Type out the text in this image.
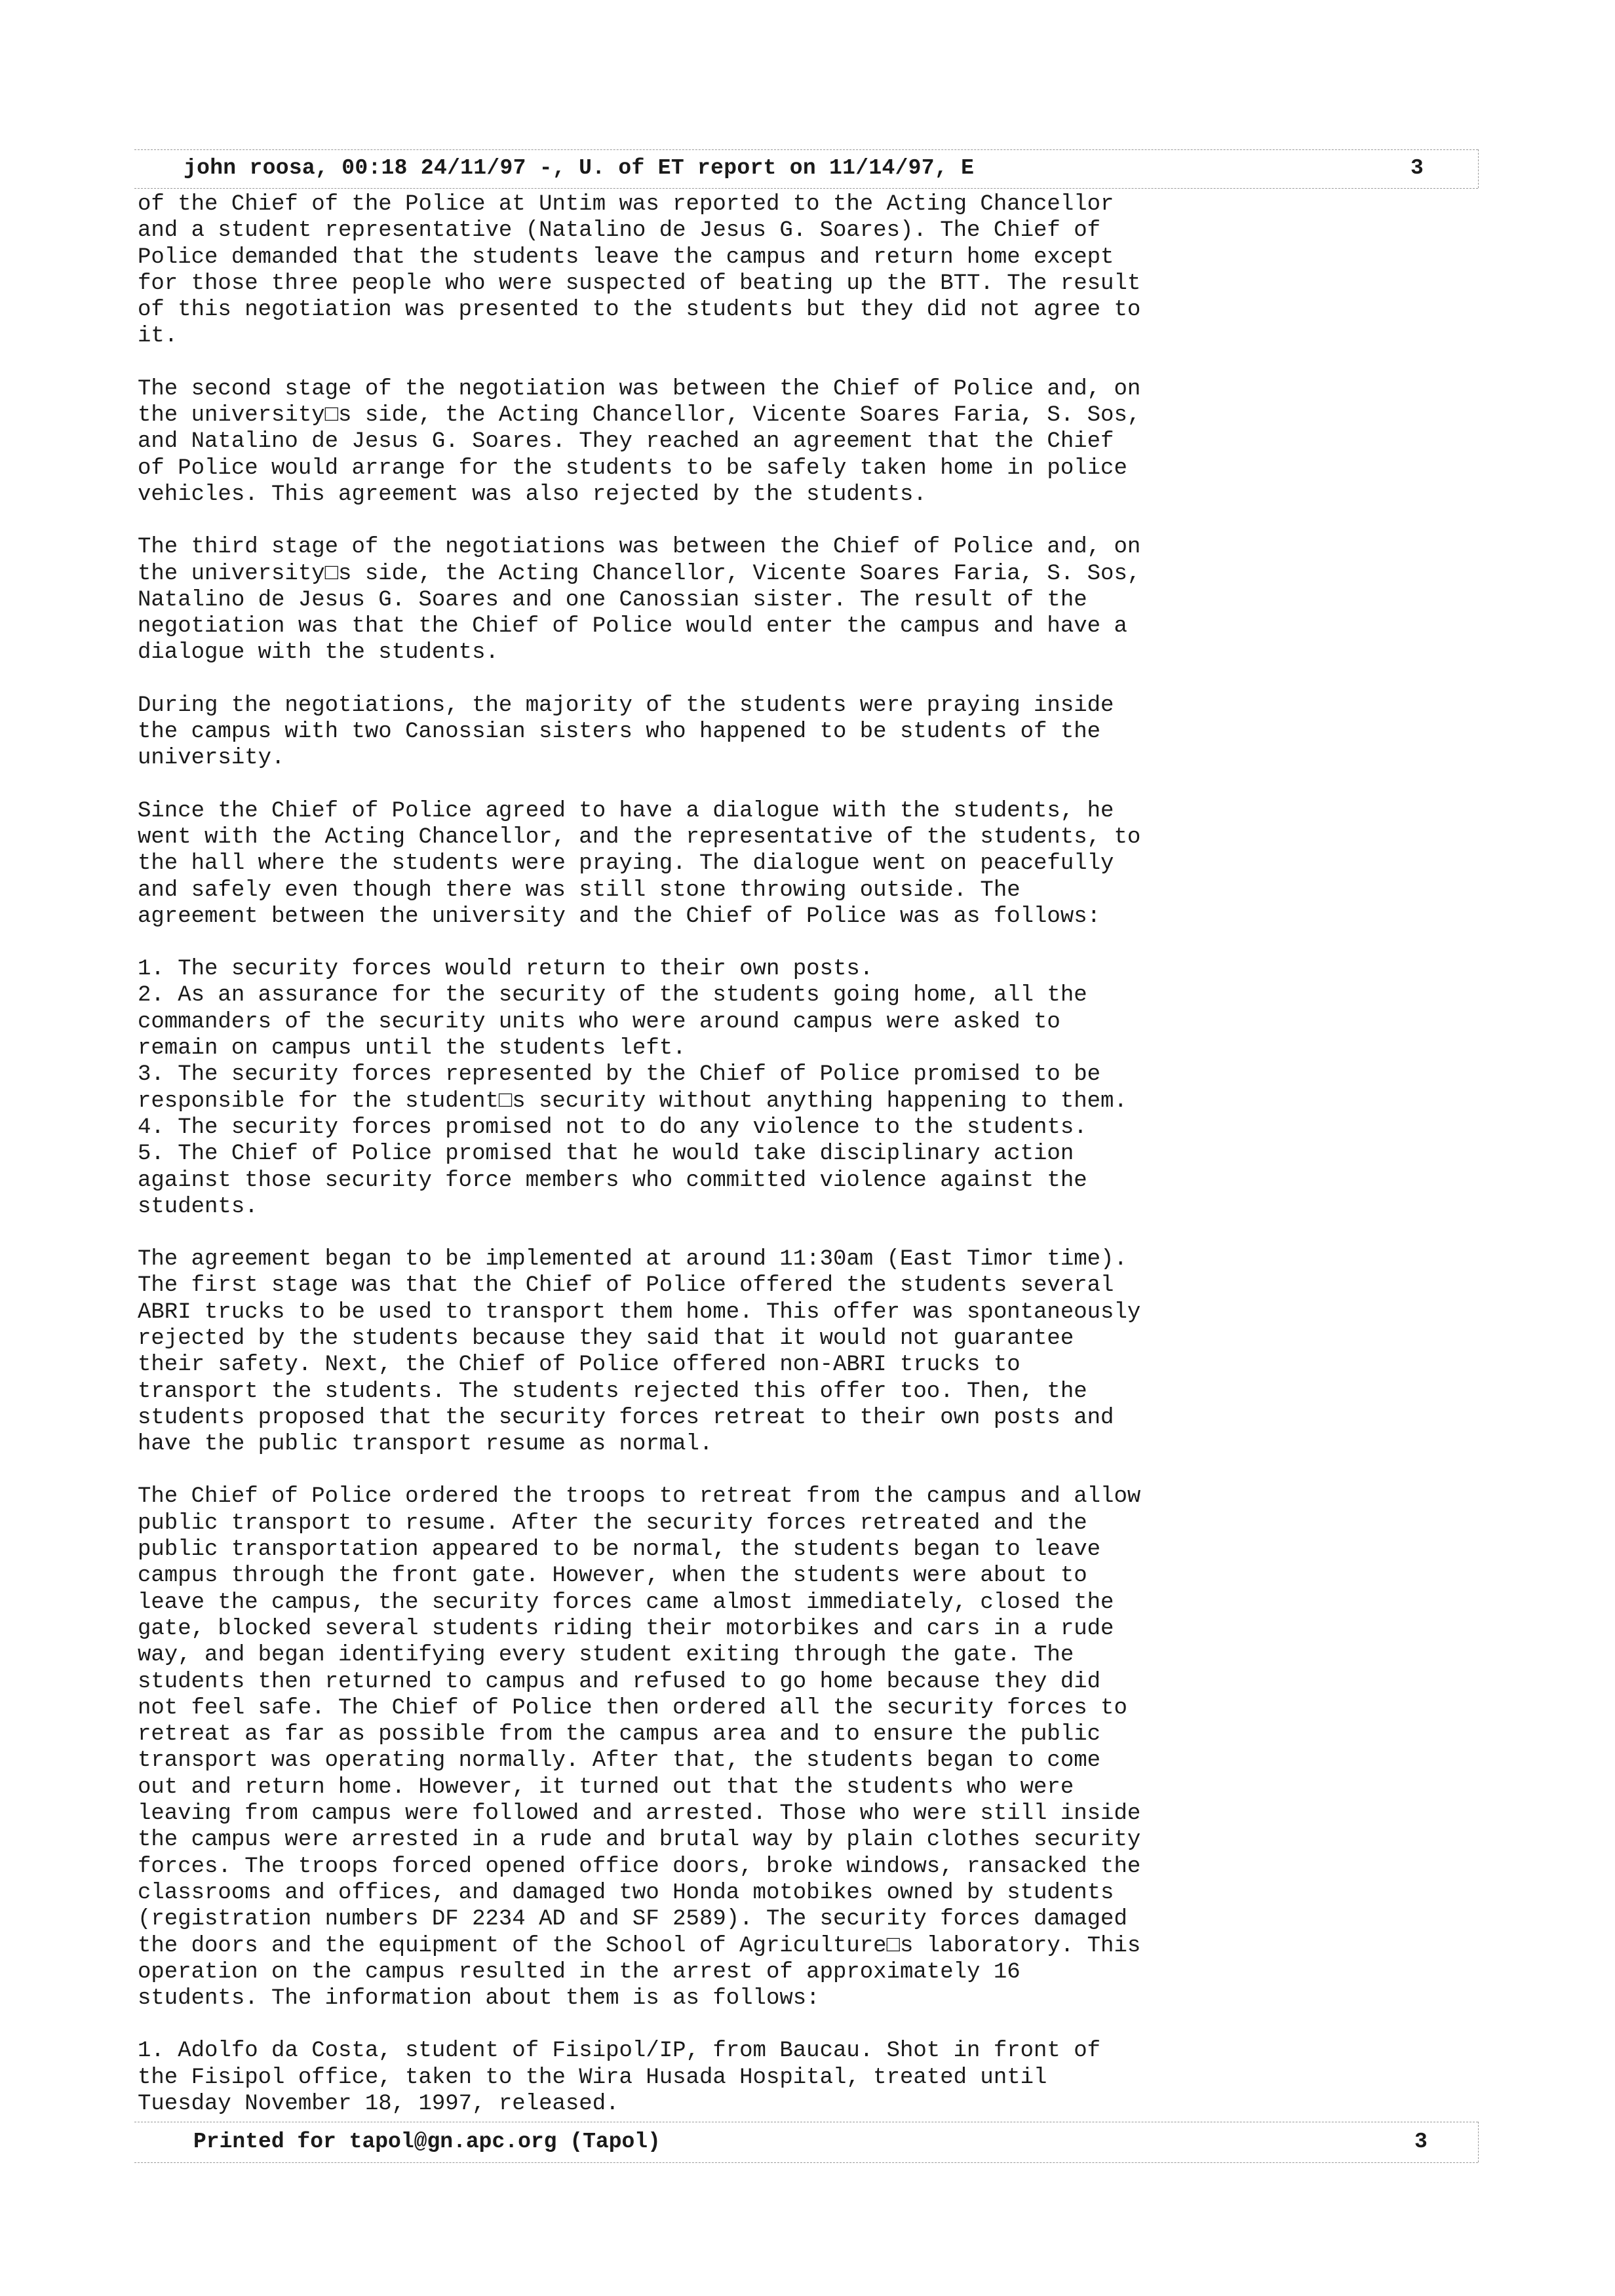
john roosa, 00:18 24/11/97 -, U. of ET report on 11/14/97, E	3

of the Chief of the Police at Untim was reported to the Acting Chancellor
and a student representative (Natalino de Jesus G. Soares). The Chief of
Police demanded that the students leave the campus and return home except
for those three people who were suspected of beating up the BTT. The result
of this negotiation was presented to the students but they did not agree to
it.

The second stage of the negotiation was between the Chief of Police and, on
the university□s side, the Acting Chancellor, Vicente Soares Faria, S. Sos,
and Natalino de Jesus G. Soares. They reached an agreement that the Chief
of Police would arrange for the students to be safely taken home in police
vehicles. This agreement was also rejected by the students.

The third stage of the negotiations was between the Chief of Police and, on
the university□s side, the Acting Chancellor, Vicente Soares Faria, S. Sos,
Natalino de Jesus G. Soares and one Canossian sister. The result of the
negotiation was that the Chief of Police would enter the campus and have a
dialogue with the students.

During the negotiations, the majority of the students were praying inside
the campus with two Canossian sisters who happened to be students of the
university.

Since the Chief of Police agreed to have a dialogue with the students, he
went with the Acting Chancellor, and the representative of the students, to
the hall where the students were praying. The dialogue went on peacefully
and safely even though there was still stone throwing outside. The
agreement between the university and the Chief of Police was as follows:

1. The security forces would return to their own posts.
2. As an assurance for the security of the students going home, all the
commanders of the security units who were around campus were asked to
remain on campus until the students left.
3. The security forces represented by the Chief of Police promised to be
responsible for the student□s security without anything happening to them.
4. The security forces promised not to do any violence to the students.
5. The Chief of Police promised that he would take disciplinary action
against those security force members who committed violence against the
students.

The agreement began to be implemented at around 11:30am (East Timor time).
The first stage was that the Chief of Police offered the students several
ABRI trucks to be used to transport them home. This offer was spontaneously
rejected by the students because they said that it would not guarantee
their safety. Next, the Chief of Police offered non-ABRI trucks to
transport the students. The students rejected this offer too. Then, the
students proposed that the security forces retreat to their own posts and
have the public transport resume as normal.

The Chief of Police ordered the troops to retreat from the campus and allow
public transport to resume. After the security forces retreated and the
public transportation appeared to be normal, the students began to leave
campus through the front gate. However, when the students were about to
leave the campus, the security forces came almost immediately, closed the
gate, blocked several students riding their motorbikes and cars in a rude
way, and began identifying every student exiting through the gate. The
students then returned to campus and refused to go home because they did
not feel safe. The Chief of Police then ordered all the security forces to
retreat as far as possible from the campus area and to ensure the public
transport was operating normally. After that, the students began to come
out and return home. However, it turned out that the students who were
leaving from campus were followed and arrested. Those who were still inside
the campus were arrested in a rude and brutal way by plain clothes security
forces. The troops forced opened office doors, broke windows, ransacked the
classrooms and offices, and damaged two Honda motobikes owned by students
(registration numbers DF 2234 AD and SF 2589). The security forces damaged
the doors and the equipment of the School of Agriculture□s laboratory. This
operation on the campus resulted in the arrest of approximately 16
students. The information about them is as follows:

1. Adolfo da Costa, student of Fisipol/IP, from Baucau. Shot in front of
the Fisipol office, taken to the Wira Husada Hospital, treated until
Tuesday November 18, 1997, released.

Printed for tapol@gn.apc.org (Tapol)	3
